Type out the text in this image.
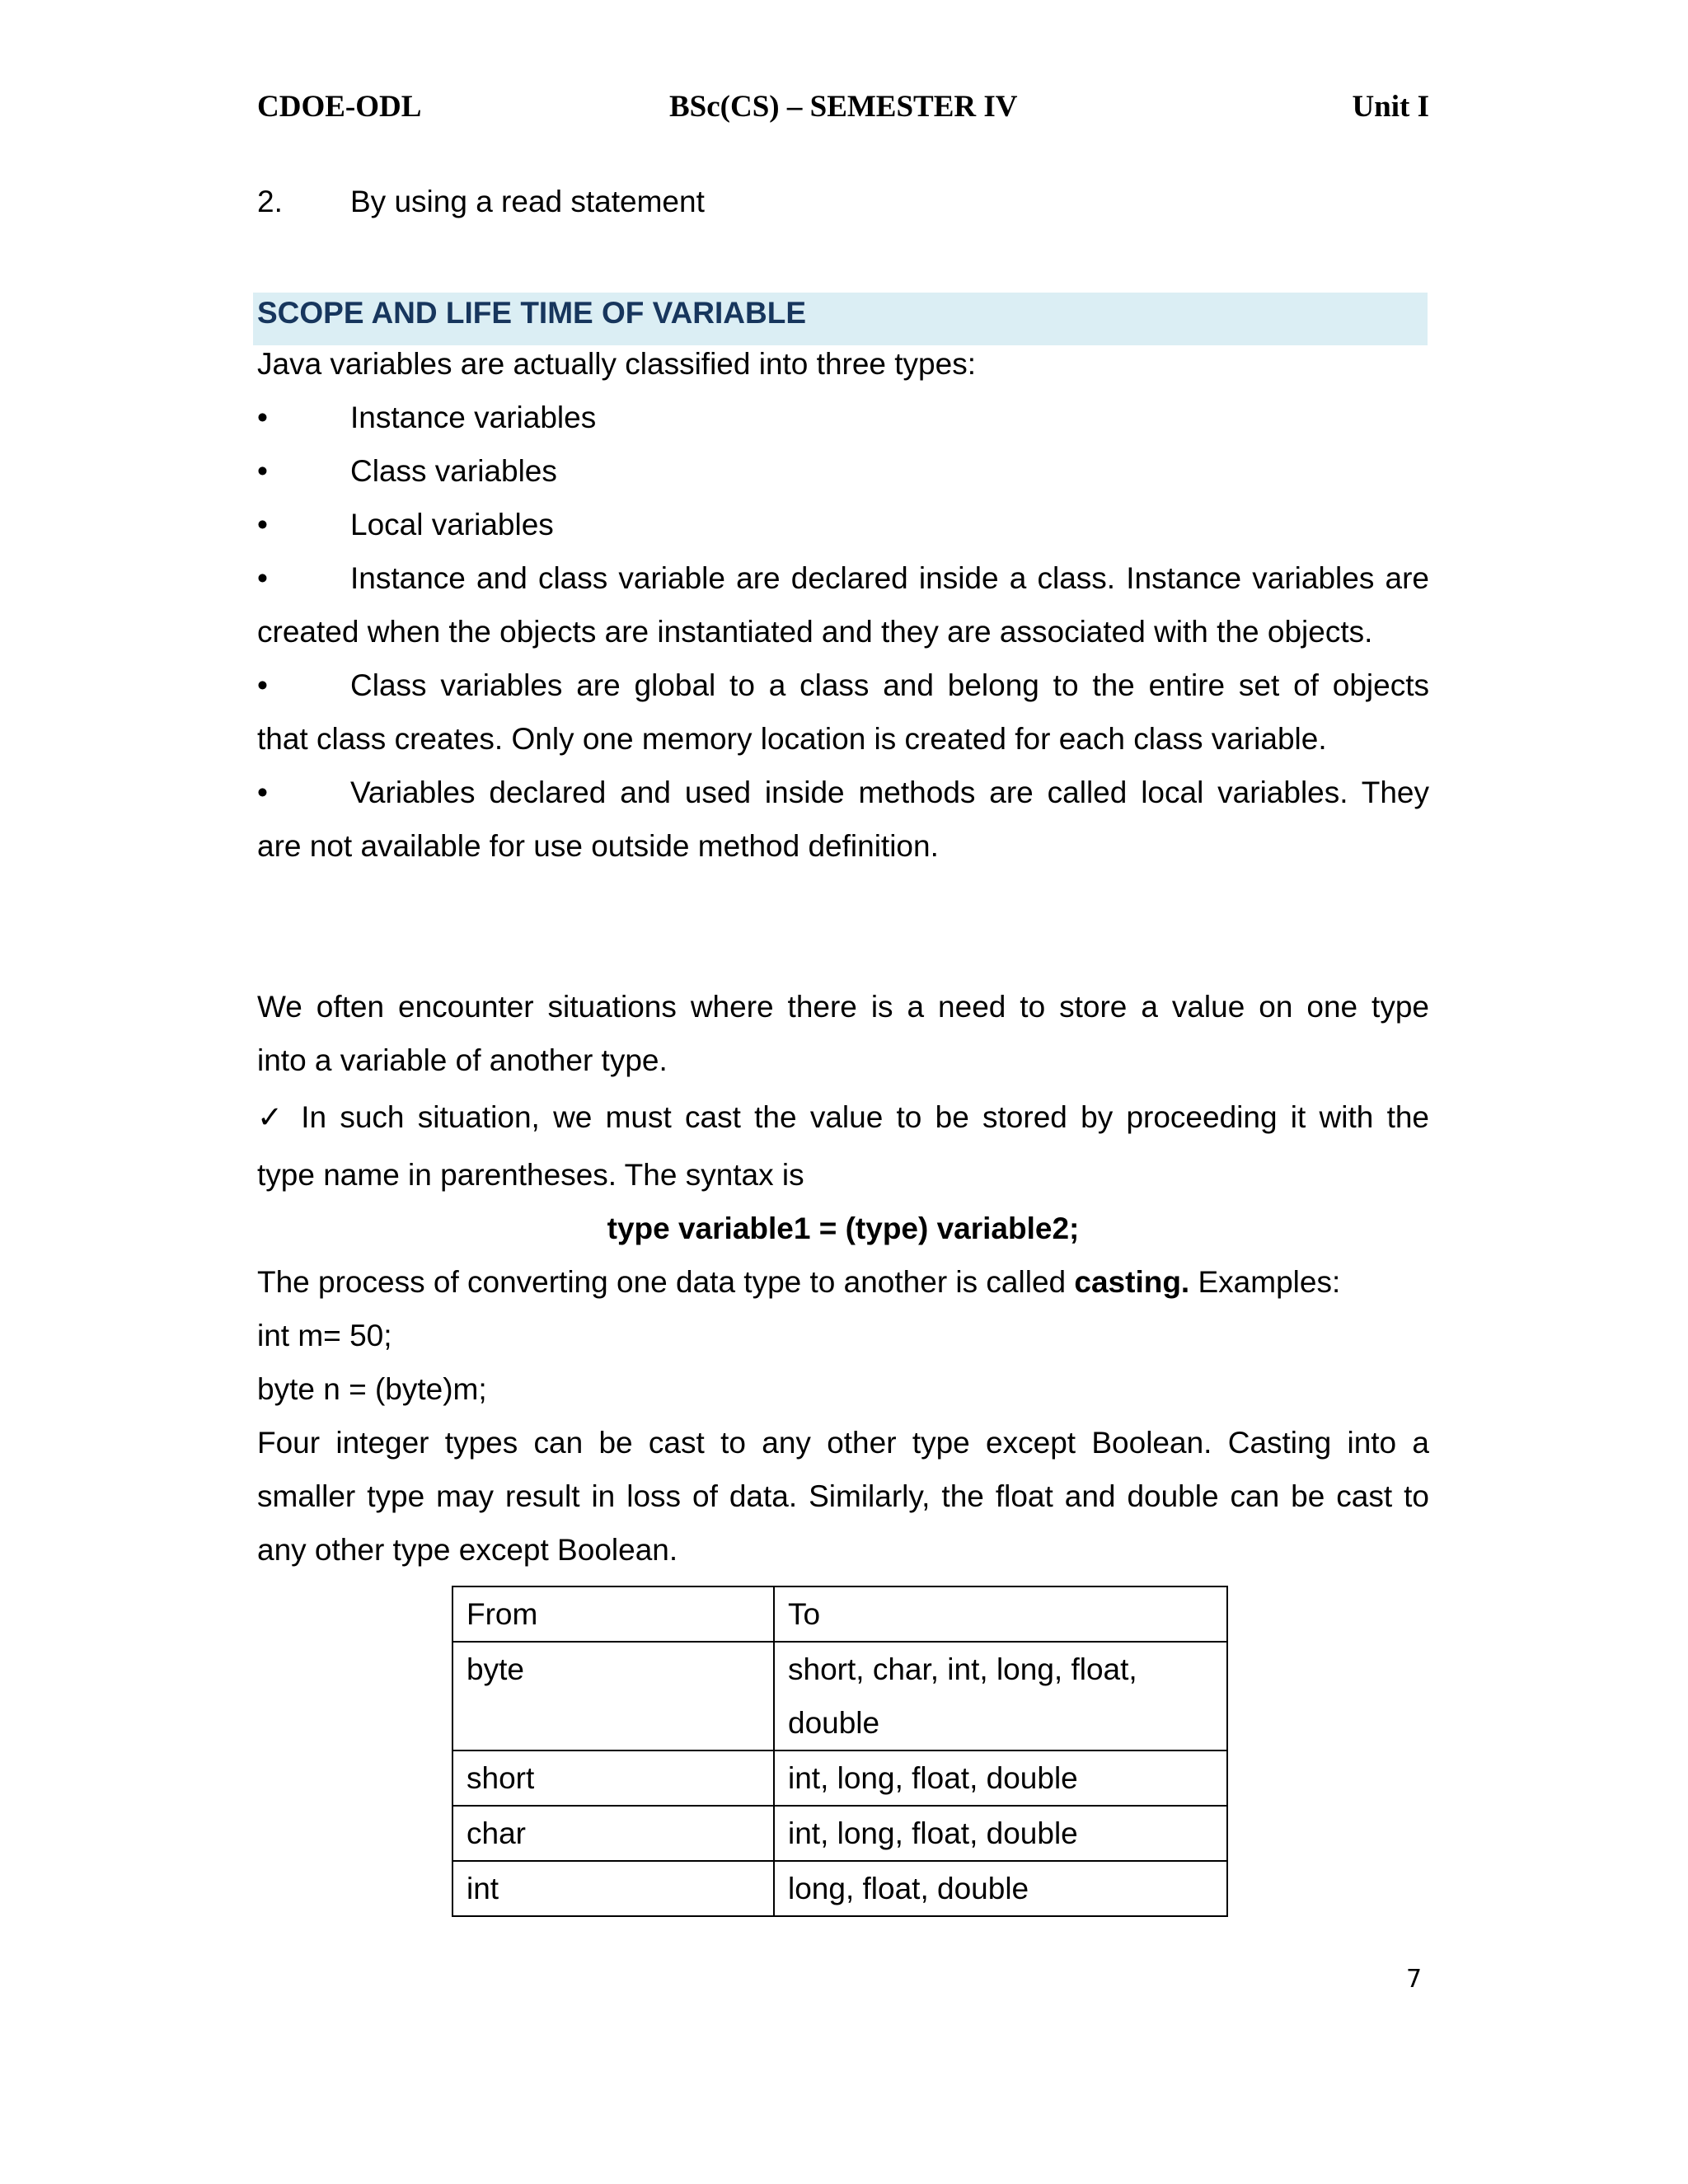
CDOE-ODL	BSc(CS) – SEMESTER IV	Unit I
2. By using a read statement
SCOPE AND LIFE TIME OF VARIABLE
Java variables are actually classified into three types:
•	Instance variables
•	Class variables
•	Local variables
•	Instance and class variable are declared inside a class. Instance variables are
created when the objects are instantiated and they are associated with the objects.
•	Class variables are global to a class and belong to the entire set of objects
that class creates. Only one memory location is created for each class variable.
•	Variables declared and used inside methods are called local variables. They
are not available for use outside method definition.
We often encounter situations where there is a need to store a value on one type
into a variable of another type.
✓ In such situation, we must cast the value to be stored by proceeding it with the
type name in parentheses. The syntax is
type variable1 = (type) variable2;
The process of converting one data type to another is called casting. Examples:
int m= 50;
byte n = (byte)m;
Four integer types can be cast to any other type except Boolean. Casting into a
smaller type may result in loss of data. Similarly, the float and double can be cast to
any other type except Boolean.
From	To
byte	short, char, int, long, float,
double

short	int, long, float, double
char	int, long, float, double
int	long, float, double
7
